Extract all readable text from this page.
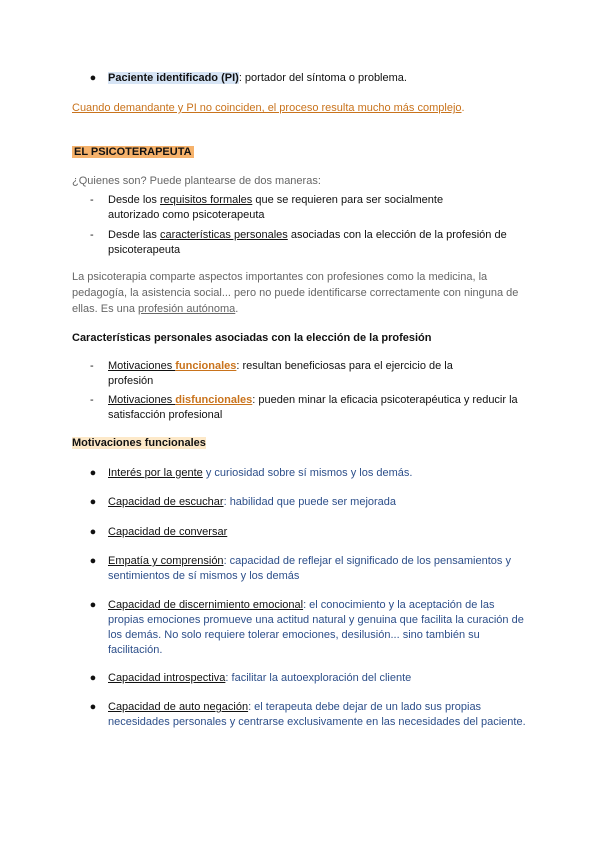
● Paciente identificado (PI): portador del síntoma o problema.
Cuando demandante y PI no coinciden, el proceso resulta mucho más complejo.
EL PSICOTERAPEUTA
¿Quienes son? Puede plantearse de dos maneras:
-	Desde los requisitos formales que se requieren para ser socialmente autorizado como psicoterapeuta
-	Desde las características personales asociadas con la elección de la profesión de psicoterapeuta
La psicoterapia comparte aspectos importantes con profesiones como la medicina, la pedagogía, la asistencia social... pero no puede identificarse correctamente con ninguna de ellas. Es una profesión autónoma.
Características personales asociadas con la elección de la profesión
-	Motivaciones funcionales: resultan beneficiosas para el ejercicio de la profesión
-	Motivaciones disfuncionales: pueden minar la eficacia psicoterapéutica y reducir la satisfacción profesional
Motivaciones funcionales
● Interés por la gente y curiosidad sobre sí mismos y los demás.
● Capacidad de escuchar: habilidad que puede ser mejorada
● Capacidad de conversar
● Empatía y comprensión: capacidad de reflejar el significado de los pensamientos y sentimientos de sí mismos y los demás
● Capacidad de discernimiento emocional: el conocimiento y la aceptación de las propias emociones promueve una actitud natural y genuina que facilita la curación de los demás. No solo requiere tolerar emociones, desilusión... sino también su facilitación.
● Capacidad introspectiva: facilitar la autoexploración del cliente
● Capacidad de auto negación: el terapeuta debe dejar de un lado sus propias necesidades personales y centrarse exclusivamente en las necesidades del paciente.
